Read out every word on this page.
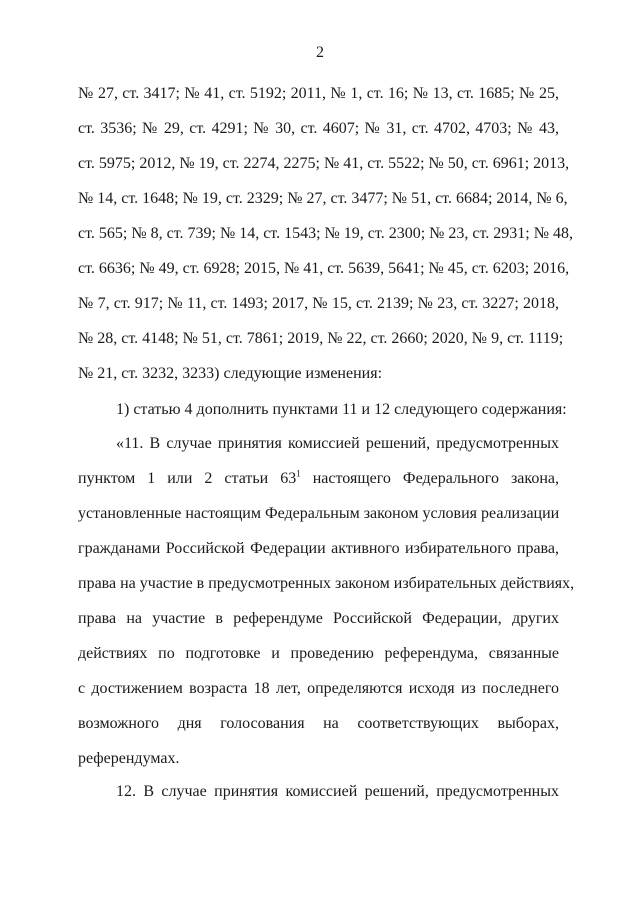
2
№ 27, ст. 3417; № 41, ст. 5192; 2011, № 1, ст. 16; № 13, ст. 1685; № 25,
ст. 3536; № 29, ст. 4291; № 30, ст. 4607; № 31, ст. 4702, 4703; № 43,
ст. 5975; 2012, № 19, ст. 2274, 2275; № 41, ст. 5522; № 50, ст. 6961; 2013,
№ 14, ст. 1648; № 19, ст. 2329; № 27, ст. 3477; № 51, ст. 6684; 2014, № 6,
ст. 565; № 8, ст. 739; № 14, ст. 1543; № 19, ст. 2300; № 23, ст. 2931; № 48,
ст. 6636; № 49, ст. 6928; 2015, № 41, ст. 5639, 5641; № 45, ст. 6203; 2016,
№ 7, ст. 917; № 11, ст. 1493; 2017, № 15, ст. 2139; № 23, ст. 3227; 2018,
№ 28, ст. 4148; № 51, ст. 7861; 2019, № 22, ст. 2660; 2020, № 9, ст. 1119;
№ 21, ст. 3232, 3233) следующие изменения:
1) статью 4 дополнить пунктами 11 и 12 следующего содержания:
«11. В случае принятия комиссией решений, предусмотренных
пунктом 1 или 2 статьи $63^1$ настоящего Федерального закона,
установленные настоящим Федеральным законом условия реализации
гражданами Российской Федерации активного избирательного права,
права на участие в предусмотренных законом избирательных действиях,
права на участие в референдуме Российской Федерации, других
действиях по подготовке и проведению референдума, связанные
с достижением возраста 18 лет, определяются исходя из последнего
возможного дня голосования на соответствующих выборах,
референдумах.
12. В случае принятия комиссией решений, предусмотренных
